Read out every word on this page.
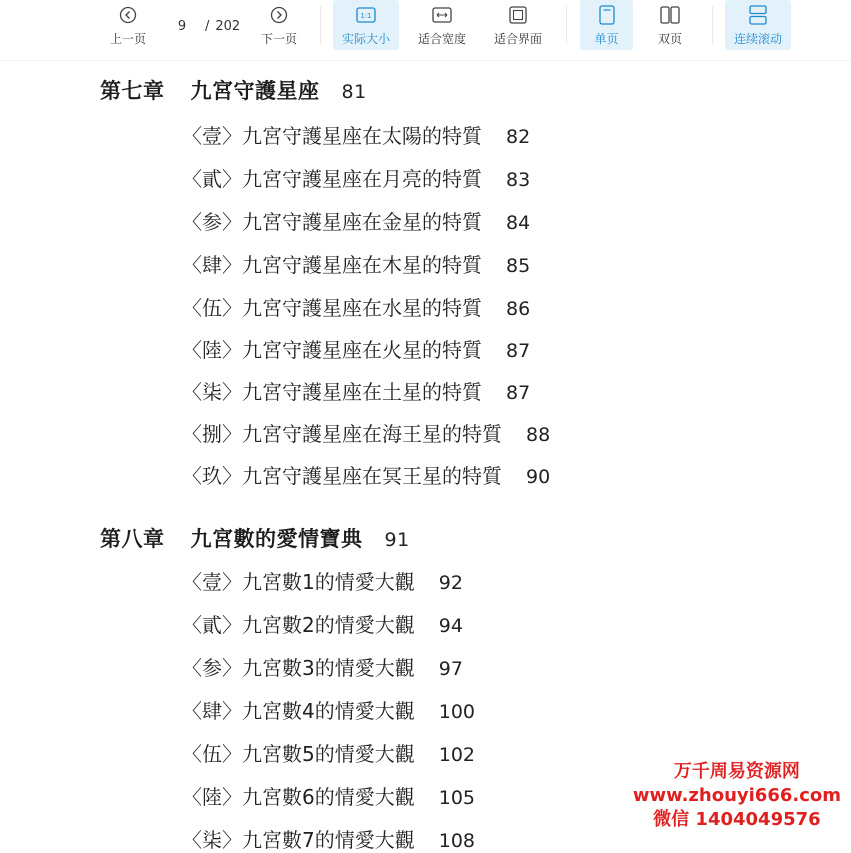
上一页
9	/ 202
下一页
1:1
实际大小 适合宽度 适合界面	单页	双页	连续滚动
第七章 九宮守護星座 81
〈壹〉九宮守護星座在太陽的特質 82
〈貳〉九宮守護星座在月亮的特質 83
〈参〉九宮守護星座在金星的特質 84
〈肆〉九宮守護星座在木星的特質 85
〈伍〉九宮守護星座在水星的特質 86
〈陸〉九宮守護星座在火星的特質 87
〈柒〉九宮守護星座在土星的特質 87
〈捌〉九宮守護星座在海王星的特質 88
〈玖〉九宮守護星座在冥王星的特質 90
第八章 九宮數的愛情寶典 91
〈壹〉九宮數1的情愛大觀 92
〈貳〉九宮數2的情愛大觀 94
〈参〉九宮數3的情愛大觀 97
〈肆〉九宮數4的情愛大觀 100
〈伍〉九宮數5的情愛大觀 102
〈陸〉九宮數6的情愛大觀 105
〈柒〉九宮數7的情愛大觀 108
万千周易资源网
www.zhouyi666.com
微信 1404049576
